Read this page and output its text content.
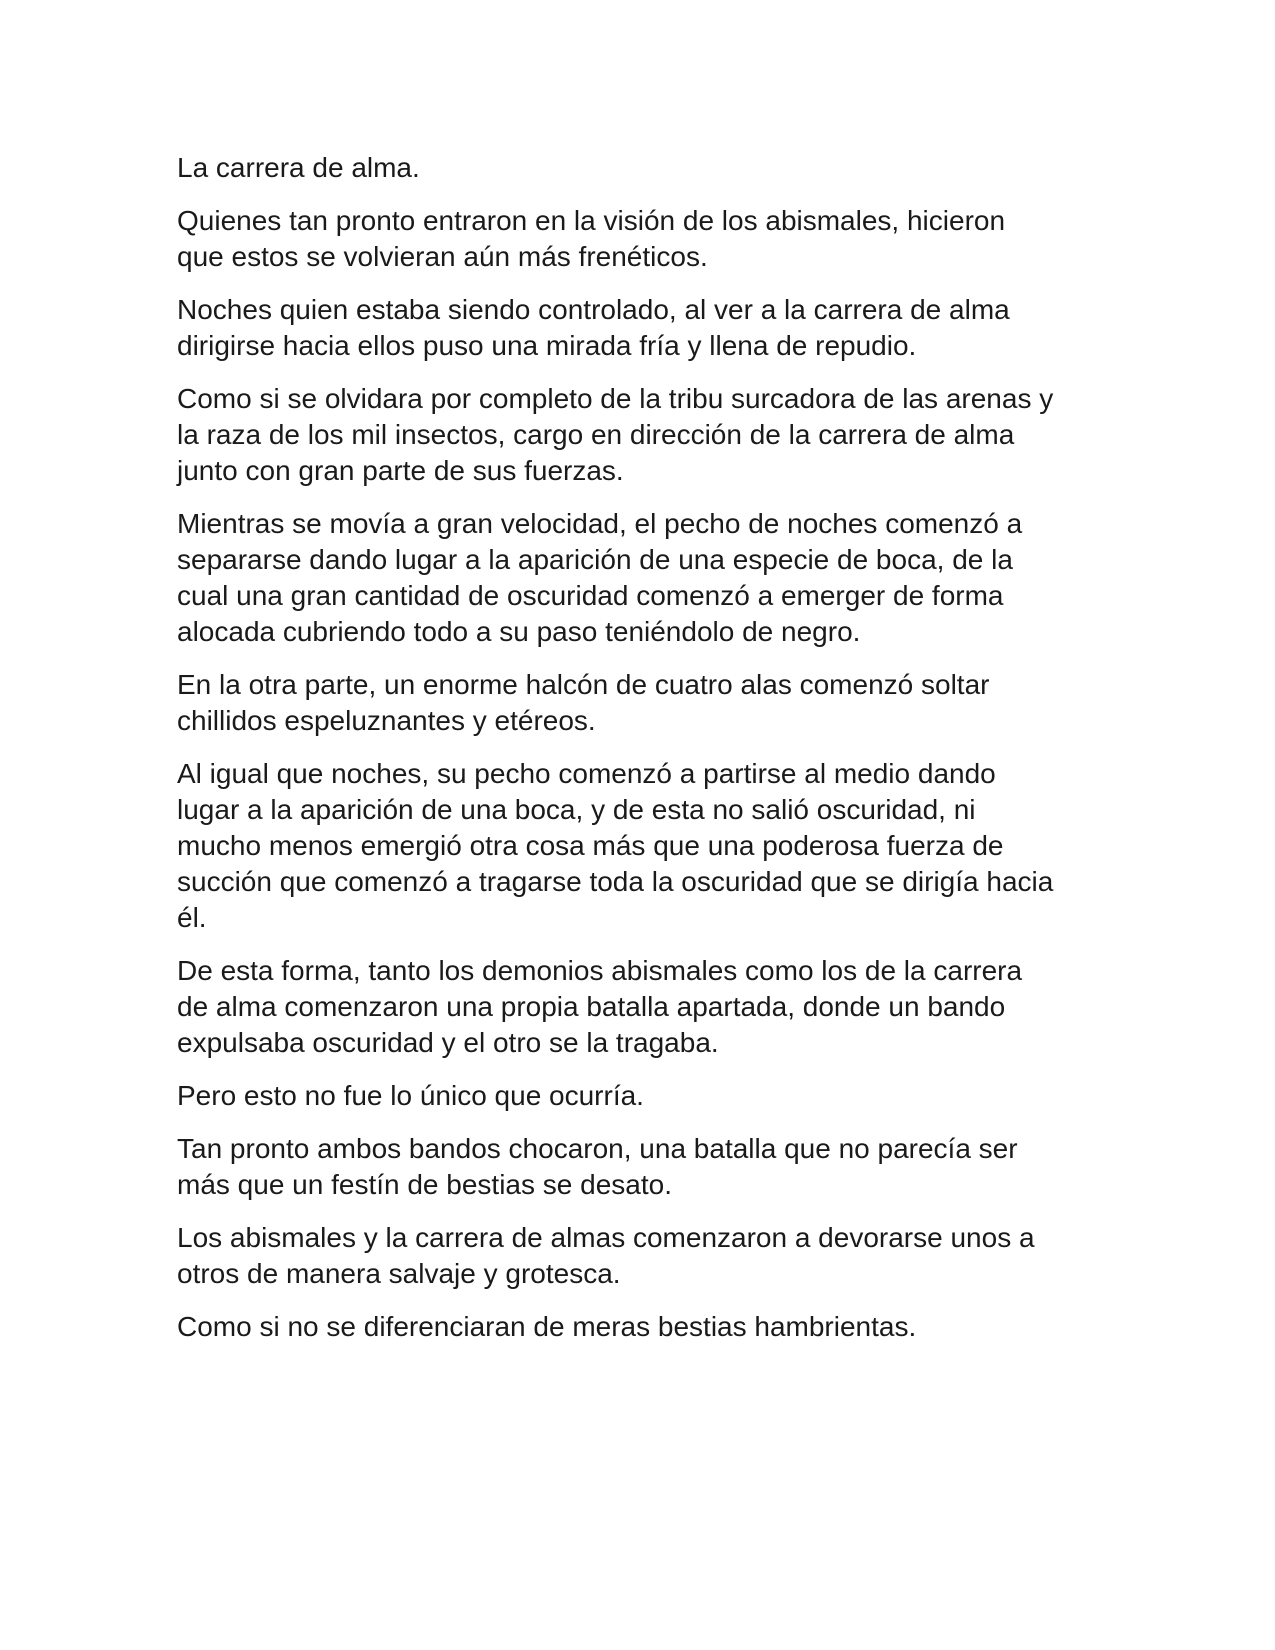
La carrera de alma.

Quienes tan pronto entraron en la visión de los abismales, hicieron
que estos se volvieran aún más frenéticos.

Noches quien estaba siendo controlado, al ver a la carrera de alma
dirigirse hacia ellos puso una mirada fría y llena de repudio.

Como si se olvidara por completo de la tribu surcadora de las arenas y
la raza de los mil insectos, cargo en dirección de la carrera de alma
junto con gran parte de sus fuerzas.

Mientras se movía a gran velocidad, el pecho de noches comenzó a
separarse dando lugar a la aparición de una especie de boca, de la
cual una gran cantidad de oscuridad comenzó a emerger de forma
alocada cubriendo todo a su paso teniéndolo de negro.

En la otra parte, un enorme halcón de cuatro alas comenzó soltar
chillidos espeluznantes y etéreos.

Al igual que noches, su pecho comenzó a partirse al medio dando
lugar a la aparición de una boca, y de esta no salió oscuridad, ni
mucho menos emergió otra cosa más que una poderosa fuerza de
succión que comenzó a tragarse toda la oscuridad que se dirigía hacia
él.

De esta forma, tanto los demonios abismales como los de la carrera
de alma comenzaron una propia batalla apartada, donde un bando
expulsaba oscuridad y el otro se la tragaba.

Pero esto no fue lo único que ocurría.

Tan pronto ambos bandos chocaron, una batalla que no parecía ser
más que un festín de bestias se desato.

Los abismales y la carrera de almas comenzaron a devorarse unos a
otros de manera salvaje y grotesca.

Como si no se diferenciaran de meras bestias hambrientas.
